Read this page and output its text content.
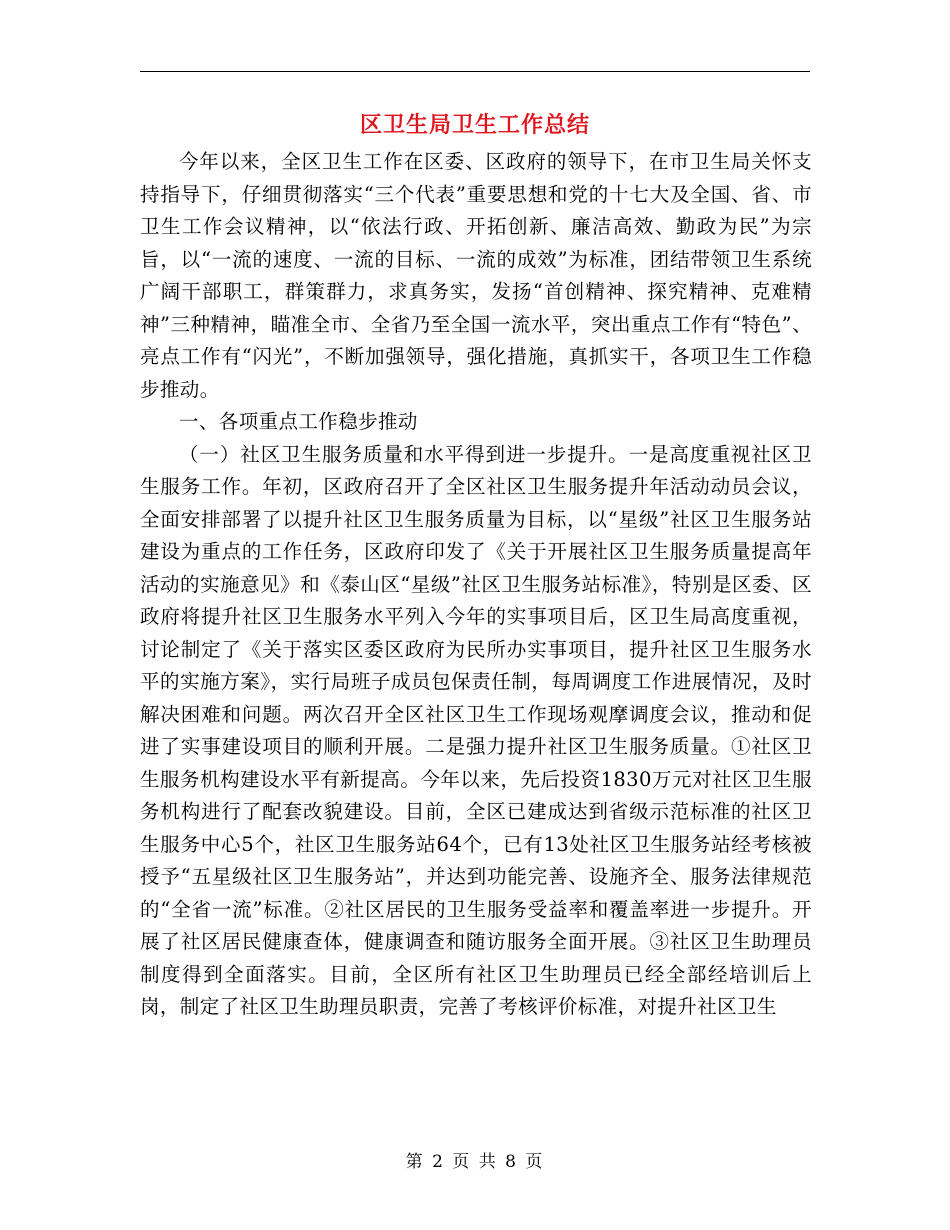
区卫生局卫生工作总结

今年以来，全区卫生工作在区委、区政府的领导下，在市卫生局关怀支持指导下，仔细贯彻落实“三个代表”重要思想和党的十七大及全国、省、市卫生工作会议精神，以“依法行政、开拓创新、廉洁高效、勤政为民”为宗旨，以“一流的速度、一流的目标、一流的成效”为标准，团结带领卫生系统广阔干部职工，群策群力，求真务实，发扬“首创精神、探究精神、克难精神”三种精神，瞄准全市、全省乃至全国一流水平，突出重点工作有“特色”、亮点工作有“闪光”，不断加强领导，强化措施，真抓实干，各项卫生工作稳步推动。

一、各项重点工作稳步推动

（一）社区卫生服务质量和水平得到进一步提升。一是高度重视社区卫生服务工作。年初，区政府召开了全区社区卫生服务提升年活动动员会议，全面安排部署了以提升社区卫生服务质量为目标，以“星级”社区卫生服务站建设为重点的工作任务，区政府印发了《关于开展社区卫生服务质量提高年活动的实施意见》和《泰山区“星级”社区卫生服务站标准》，特别是区委、区政府将提升社区卫生服务水平列入今年的实事项目后，区卫生局高度重视，讨论制定了《关于落实区委区政府为民所办实事项目，提升社区卫生服务水平的实施方案》，实行局班子成员包保责任制，每周调度工作进展情况，及时解决困难和问题。两次召开全区社区卫生工作现场观摩调度会议，推动和促进了实事建设项目的顺利开展。二是强力提升社区卫生服务质量。①社区卫生服务机构建设水平有新提高。今年以来，先后投资1830万元对社区卫生服务机构进行了配套改貌建设。目前，全区已建成达到省级示范标准的社区卫生服务中心5个，社区卫生服务站64个，已有13处社区卫生服务站经考核被授予“五星级社区卫生服务站”，并达到功能完善、设施齐全、服务法律规范的“全省一流”标准。②社区居民的卫生服务受益率和覆盖率进一步提升。开展了社区居民健康查体，健康调查和随访服务全面开展。③社区卫生助理员制度得到全面落实。目前，全区所有社区卫生助理员已经全部经培训后上岗，制定了社区卫生助理员职责，完善了考核评价标准，对提升社区卫生

第 2 页 共 8 页
